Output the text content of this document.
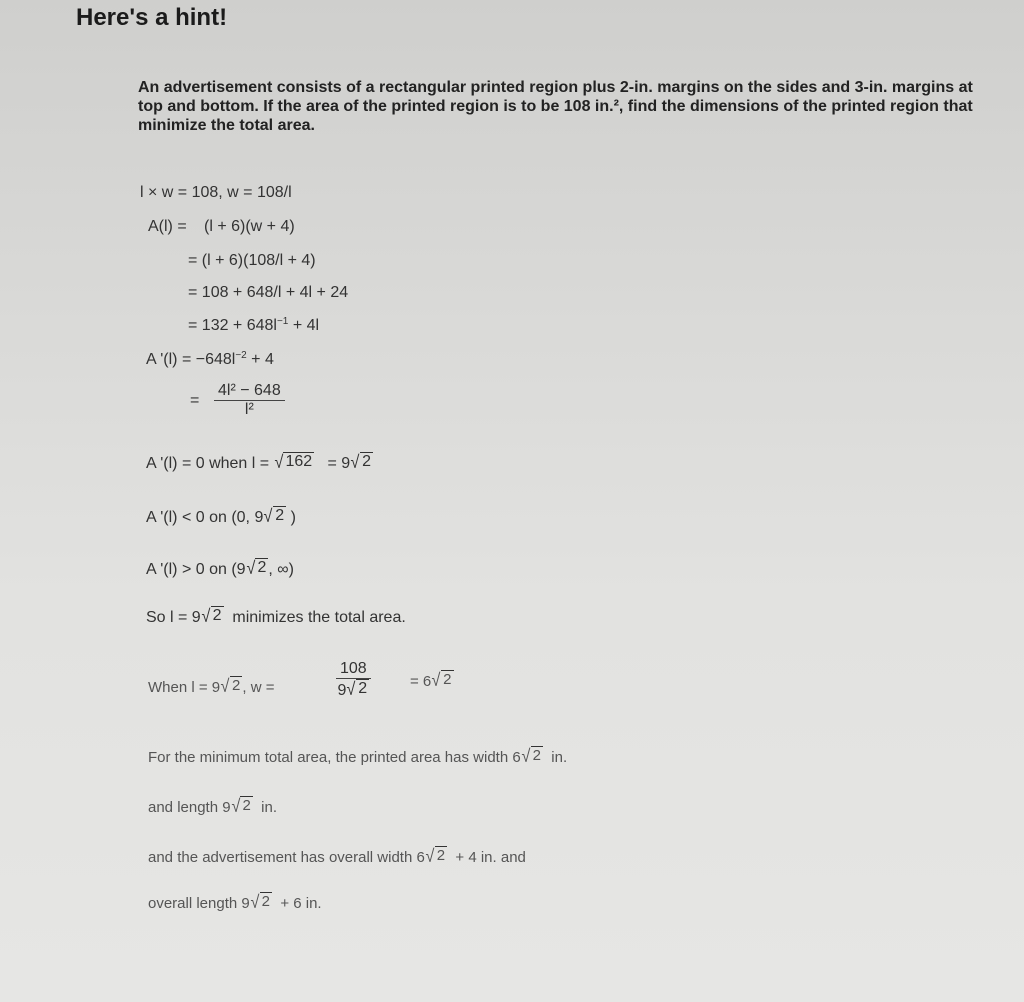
Here's a hint!
An advertisement consists of a rectangular printed region plus 2-in. margins on the sides and 3-in. margins at top and bottom. If the area of the printed region is to be 108 in.², find the dimensions of the printed region that minimize the total area.
l × w = 108, w = 108/l
A(l) = (l + 6)(w + 4)
= (l + 6)(108/l + 4)
= 108 + 648/l + 4l + 24
= $132 + 648l^{-1} + 4l$
A '$(l) = -648l^{-2} + 4$
= $\frac{\text{4l² − 648}}{\text{l²}}$
A '(l) = 0 when l = √ 162 = 9 √ 2
A '(l) < 0 on (0, 9 √ 2 )
A '(l) > 0 on (9 √ 2 , ∞)
So l = 9 √ 2 minimizes the total area.
When l = 9 √ 2 , w =	$\frac{108}{9 √ 2}$	= 6 √ 2
For the minimum total area, the printed area has width 6 √ 2 in.
and length 9 √ 2 in.
and the advertisement has overall width 6 √ 2 + 4 in. and
overall length 9 √ 2 + 6 in.
